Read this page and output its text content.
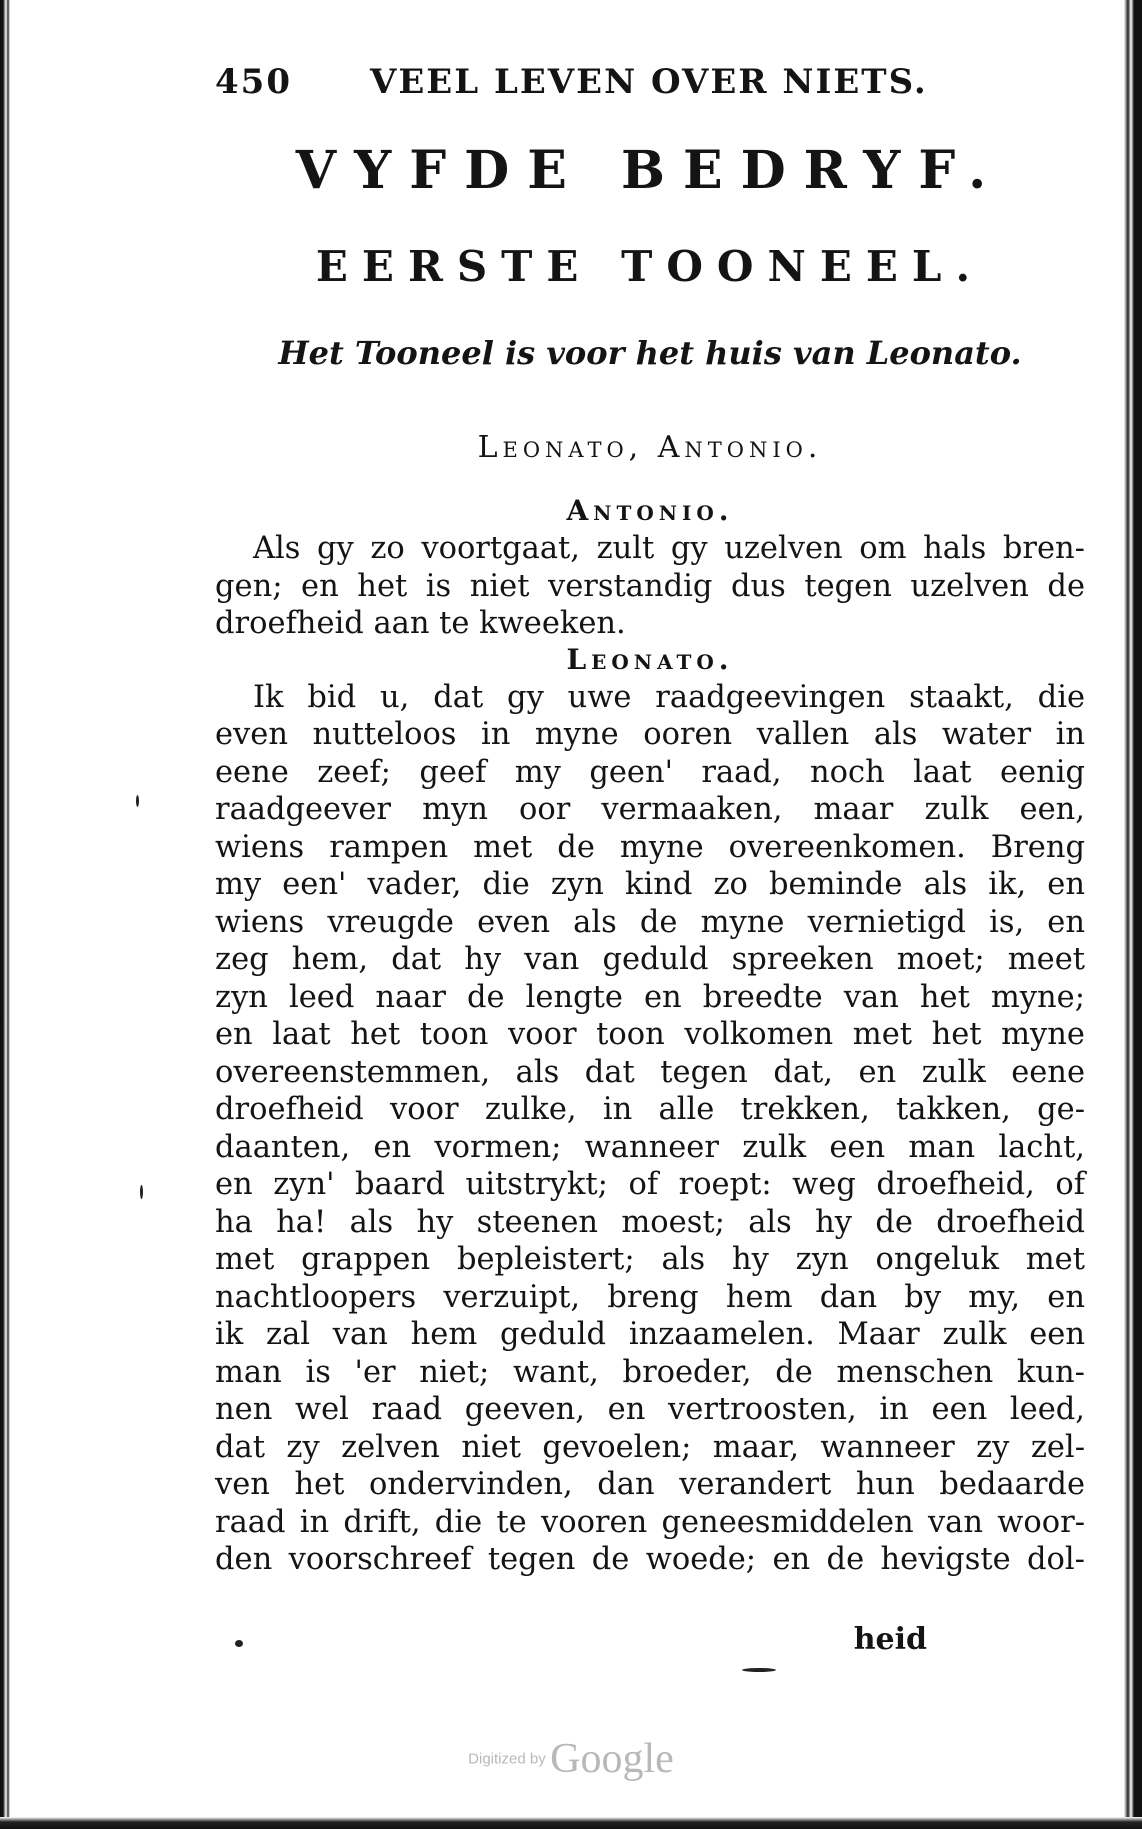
450	VEEL LEVEN OVER NIETS.
VYFDE BEDRYF.
EERSTE TOONEEL.
Het Tooneel is voor het huis van Leonato.
Leonato, Antonio.
Antonio.
Als gy zo voortgaat, zult gy uzelven om hals bren-
gen; en het is niet verstandig dus tegen uzelven de
droefheid aan te kweeken.
Leonato.
Ik bid u, dat gy uwe raadgeevingen staakt, die
even nutteloos in myne ooren vallen als water in
eene zeef; geef my geen' raad, noch laat eenig
raadgeever myn oor vermaaken, maar zulk een,
wiens rampen met de myne overeenkomen. Breng
my een' vader, die zyn kind zo beminde als ik, en
wiens vreugde even als de myne vernietigd is, en
zeg hem, dat hy van geduld spreeken moet; meet
zyn leed naar de lengte en breedte van het myne;
en laat het toon voor toon volkomen met het myne
overeenstemmen, als dat tegen dat, en zulk eene
droefheid voor zulke, in alle trekken, takken, ge-
daanten, en vormen; wanneer zulk een man lacht,
en zyn' baard uitstrykt; of roept: weg droefheid, of
ha ha! als hy steenen moest; als hy de droefheid
met grappen bepleistert; als hy zyn ongeluk met
nachtloopers verzuipt, breng hem dan by my, en
ik zal van hem geduld inzaamelen. Maar zulk een
man is 'er niet; want, broeder, de menschen kun-
nen wel raad geeven, en vertroosten, in een leed,
dat zy zelven niet gevoelen; maar, wanneer zy zel-
ven het ondervinden, dan verandert hun bedaarde
raad in drift, die te vooren geneesmiddelen van woor-
den voorschreef tegen de woede; en de hevigste dol-
heid
Digitized by Google
